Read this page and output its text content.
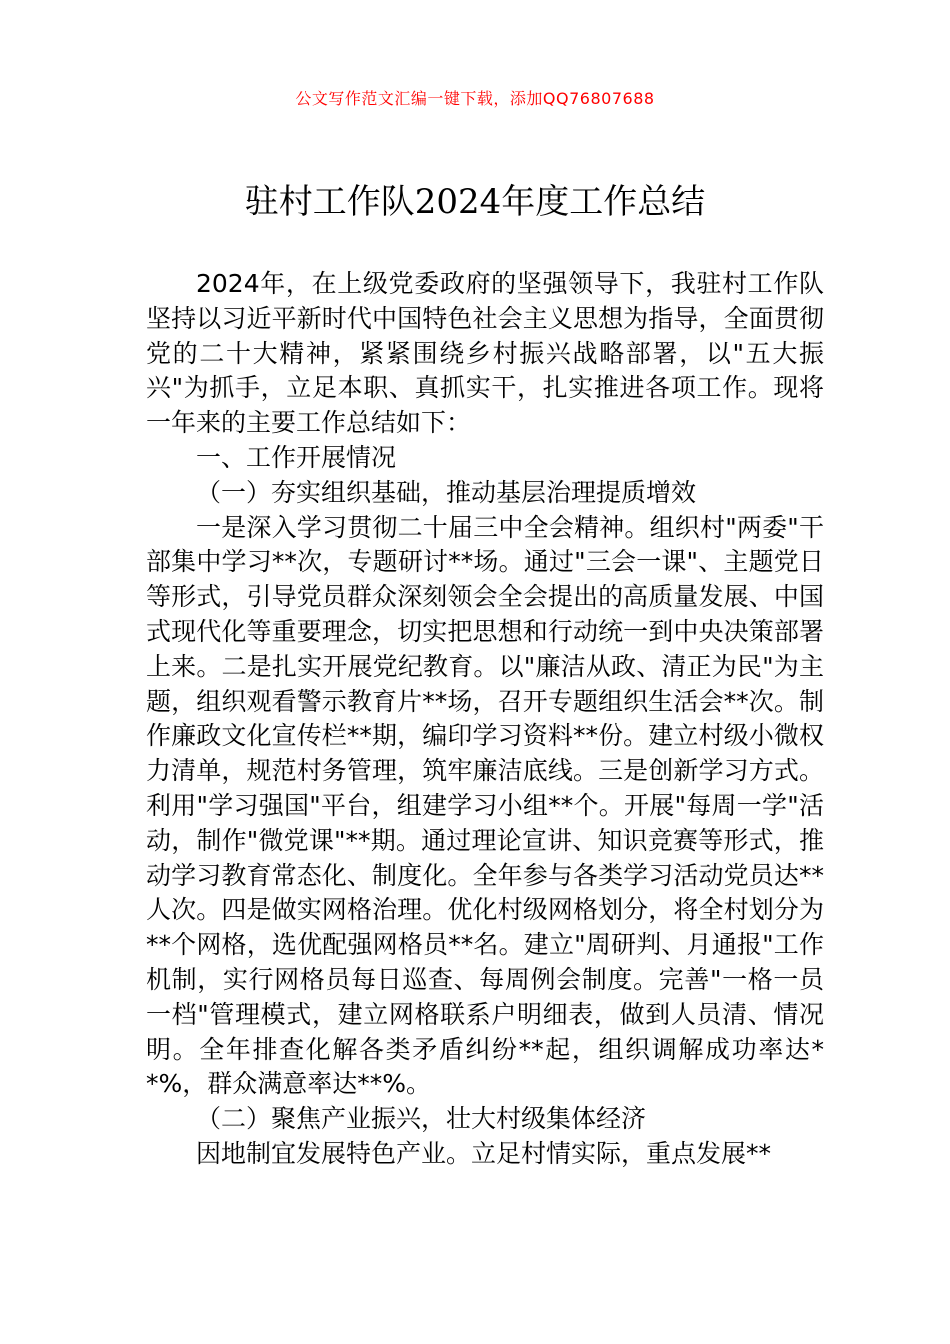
公文写作范文汇编一键下载，添加QQ76807688
驻村工作队2024年度工作总结

2024年，在上级党委政府的坚强领导下，我驻村工作队坚持以习近平新时代中国特色社会主义思想为指导，全面贯彻党的二十大精神，紧紧围绕乡村振兴战略部署，以"五大振兴"为抓手，立足本职、真抓实干，扎实推进各项工作。现将一年来的主要工作总结如下：

一、工作开展情况

（一）夯实组织基础，推动基层治理提质增效

一是深入学习贯彻二十届三中全会精神。组织村"两委"干部集中学习**次，专题研讨**场。通过"三会一课"、主题党日等形式，引导党员群众深刻领会全会提出的高质量发展、中国式现代化等重要理念，切实把思想和行动统一到中央决策部署上来。二是扎实开展党纪教育。以"廉洁从政、清正为民"为主题，组织观看警示教育片**场，召开专题组织生活会**次。制作廉政文化宣传栏**期，编印学习资料**份。建立村级小微权力清单，规范村务管理，筑牢廉洁底线。三是创新学习方式。利用"学习强国"平台，组建学习小组**个。开展"每周一学"活动，制作"微党课"**期。通过理论宣讲、知识竞赛等形式，推动学习教育常态化、制度化。全年参与各类学习活动党员达**人次。四是做实网格治理。优化村级网格划分，将全村划分为**个网格，选优配强网格员**名。建立"周研判、月通报"工作机制，实行网格员每日巡查、每周例会制度。完善"一格一员一档"管理模式，建立网格联系户明细表，做到人员清、情况明。全年排查化解各类矛盾纠纷**起，组织调解成功率达**%，群众满意率达**%。

（二）聚焦产业振兴，壮大村级集体经济

因地制宜发展特色产业。立足村情实际，重点发展**
